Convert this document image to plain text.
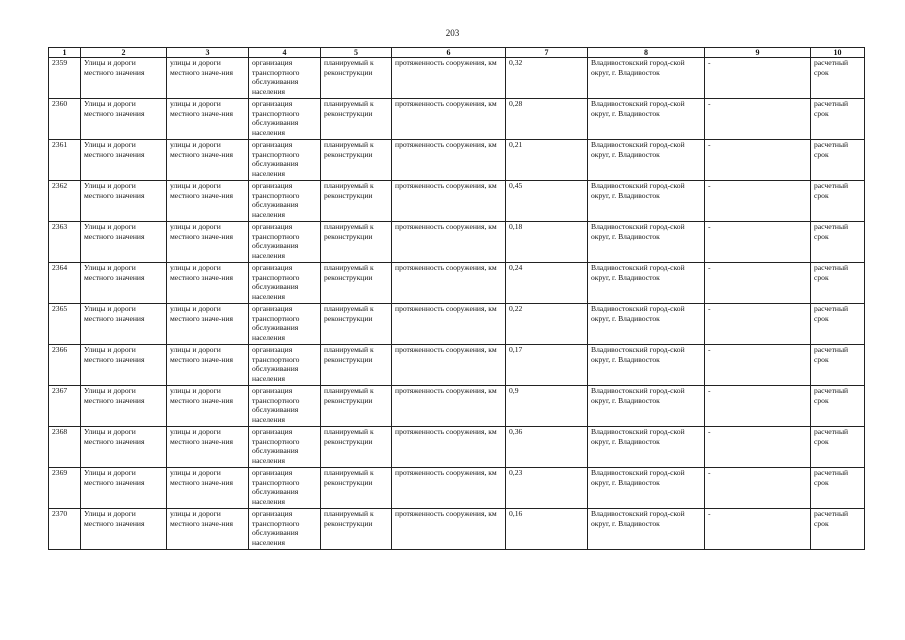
203
1	2	3	4	5	6	7	8	9	10
2359	Улицы и дороги местного значения	улицы и дороги местного значе-ния	организация транспортного обслуживания населения	планируемый к реконструкции	протяженность сооружения, км	0,32	Владивостокский город-ской округ, г. Владивосток	-	расчетный срок
2360	Улицы и дороги местного значения	улицы и дороги местного значе-ния	организация транспортного обслуживания населения	планируемый к реконструкции	протяженность сооружения, км	0,28	Владивостокский город-ской округ, г. Владивосток	-	расчетный срок
2361	Улицы и дороги местного значения	улицы и дороги местного значе-ния	организация транспортного обслуживания населения	планируемый к реконструкции	протяженность сооружения, км	0,21	Владивостокский город-ской округ, г. Владивосток	-	расчетный срок
2362	Улицы и дороги местного значения	улицы и дороги местного значе-ния	организация транспортного обслуживания населения	планируемый к реконструкции	протяженность сооружения, км	0,45	Владивостокский город-ской округ, г. Владивосток	-	расчетный срок
2363	Улицы и дороги местного значения	улицы и дороги местного значе-ния	организация транспортного обслуживания населения	планируемый к реконструкции	протяженность сооружения, км	0,18	Владивостокский город-ской округ, г. Владивосток	-	расчетный срок
2364	Улицы и дороги местного значения	улицы и дороги местного значе-ния	организация транспортного обслуживания населения	планируемый к реконструкции	протяженность сооружения, км	0,24	Владивостокский город-ской округ, г. Владивосток	-	расчетный срок
2365	Улицы и дороги местного значения	улицы и дороги местного значе-ния	организация транспортного обслуживания населения	планируемый к реконструкции	протяженность сооружения, км	0,22	Владивостокский город-ской округ, г. Владивосток	-	расчетный срок
2366	Улицы и дороги местного значения	улицы и дороги местного значе-ния	организация транспортного обслуживания населения	планируемый к реконструкции	протяженность сооружения, км	0,17	Владивостокский город-ской округ, г. Владивосток	-	расчетный срок
2367	Улицы и дороги местного значения	улицы и дороги местного значе-ния	организация транспортного обслуживания населения	планируемый к реконструкции	протяженность сооружения, км	0,9	Владивостокский город-ской округ, г. Владивосток	-	расчетный срок
2368	Улицы и дороги местного значения	улицы и дороги местного значе-ния	организация транспортного обслуживания населения	планируемый к реконструкции	протяженность сооружения, км	0,36	Владивостокский город-ской округ, г. Владивосток	-	расчетный срок
2369	Улицы и дороги местного значения	улицы и дороги местного значе-ния	организация транспортного обслуживания населения	планируемый к реконструкции	протяженность сооружения, км	0,23	Владивостокский город-ской округ, г. Владивосток	-	расчетный срок
2370	Улицы и дороги местного значения	улицы и дороги местного значе-ния	организация транспортного обслуживания населения	планируемый к реконструкции	протяженность сооружения, км	0,16	Владивостокский город-ской округ, г. Владивосток	-	расчетный срок
